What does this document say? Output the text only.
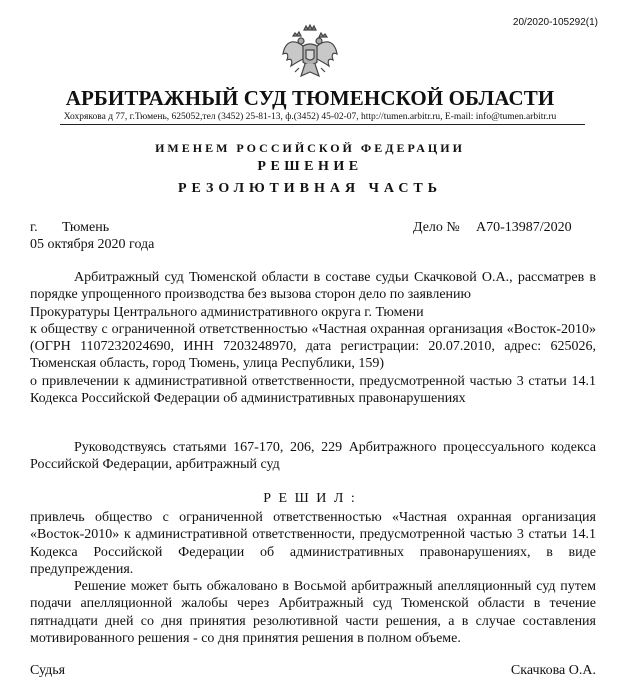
20/2020-105292(1)
АРБИТРАЖНЫЙ СУД ТЮМЕНСКОЙ ОБЛАСТИ
Хохрякова д 77, г.Тюмень, 625052,тел (3452) 25-81-13, ф.(3452) 45-02-07, http://tumen.arbitr.ru, E-mail: info@tumen.arbitr.ru
ИМЕНЕМ РОССИЙСКОЙ ФЕДЕРАЦИИ
РЕШЕНИЕ
РЕЗОЛЮТИВНАЯ ЧАСТЬ
г. Тюмень	Дело № А70-13987/2020
05 октября 2020 года

Арбитражный суд Тюменской области в составе судьи Скачковой О.А., рассматрев в порядке упрощенного производства без вызова сторон дело по заявлению

Прокуратуры Центрального административного округа г. Тюмени

к обществу с ограниченной ответственностью «Частная охранная организация «Восток-2010» (ОГРН 1107232024690, ИНН 7203248970, дата регистрации: 20.07.2010, адрес: 625026, Тюменская область, город Тюмень, улица Республики, 159)

о привлечении к административной ответственности, предусмотренной частью 3 статьи 14.1 Кодекса Российской Федерации об административных правонарушениях

Руководствуясь статьями 167-170, 206, 229 Арбитражного процессуального кодекса Российской Федерации, арбитражный суд

Р Е Ш И Л :

привлечь общество с ограниченной ответственностью «Частная охранная организация «Восток-2010» к административной ответственности, предусмотренной частью 3 статьи 14.1 Кодекса Российской Федерации об административных правонарушениях, в виде предупреждения.

Решение может быть обжаловано в Восьмой арбитражный апелляционный суд путем подачи апелляционной жалобы через Арбитражный суд Тюменской области в течение пятнадцати дней со дня принятия резолютивной части решения, а в случае составления мотивированного решения - со дня принятия решения в полном объеме.

Судья	Скачкова О.А.
